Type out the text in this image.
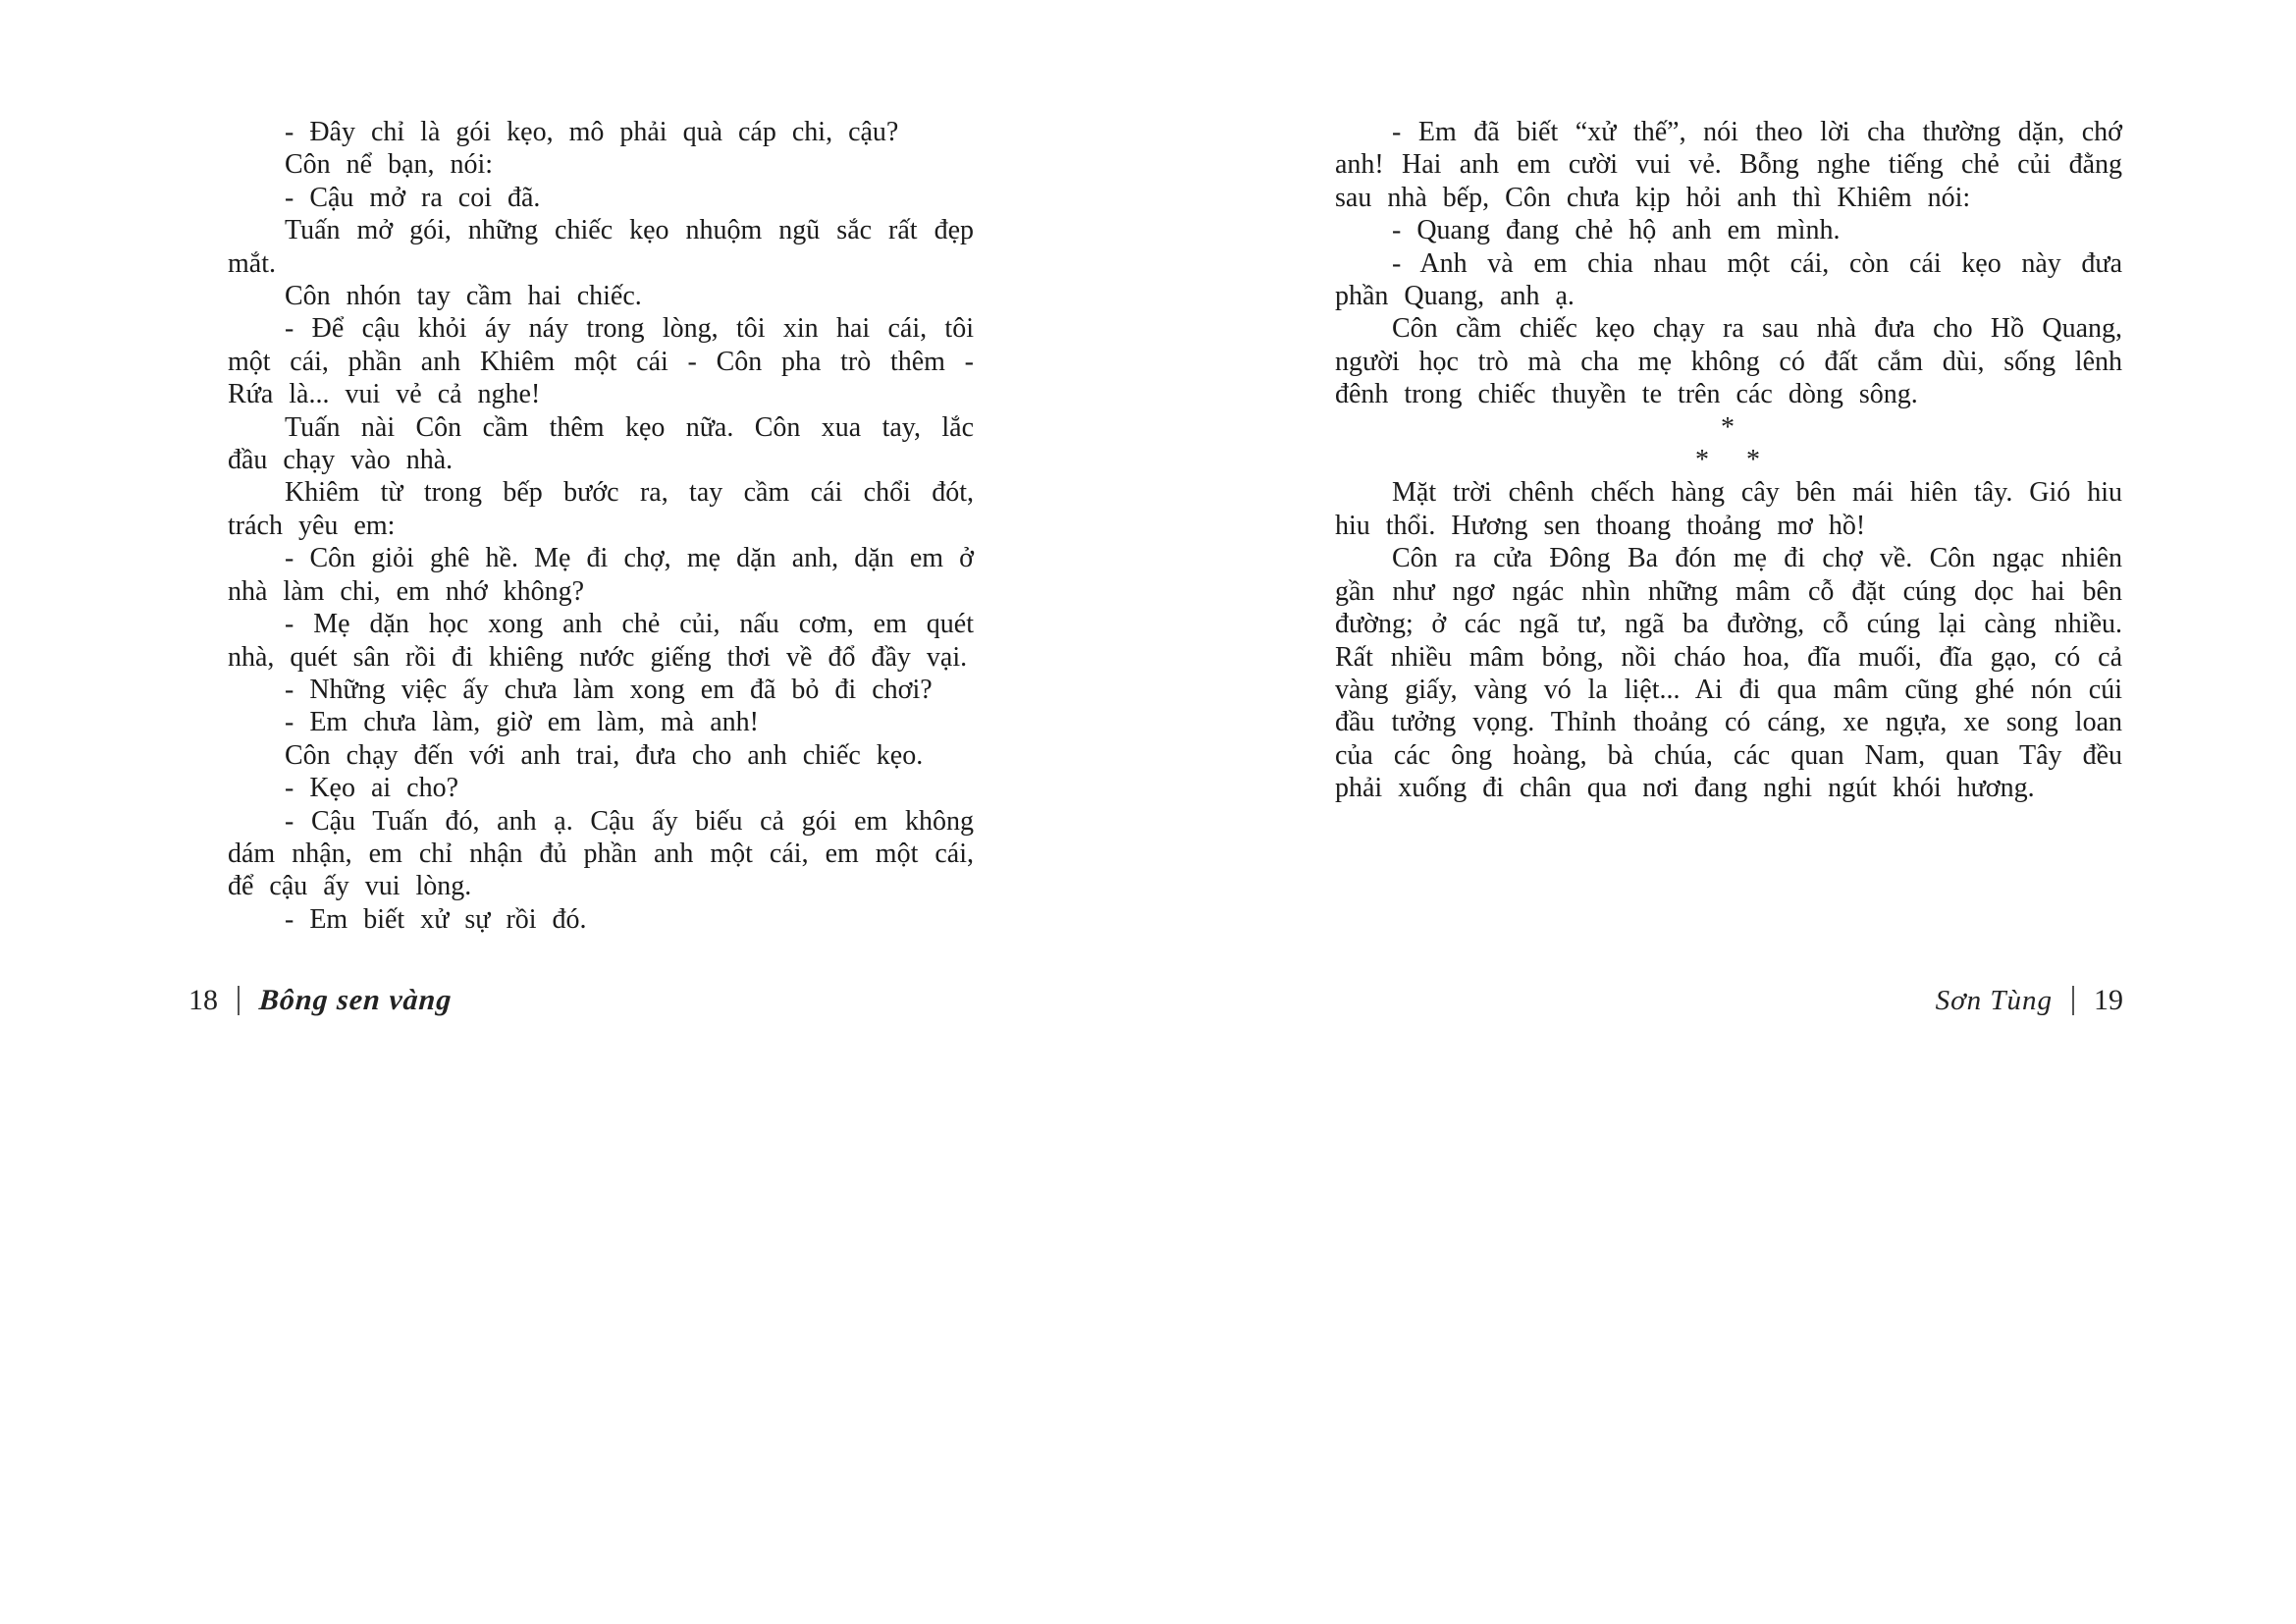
- Đây chỉ là gói kẹo, mô phải quà cáp chi, cậu?

Côn nể bạn, nói:

- Cậu mở ra coi đã.

Tuấn mở gói, những chiếc kẹo nhuộm ngũ sắc rất đẹp mắt.

Côn nhón tay cầm hai chiếc.

- Để cậu khỏi áy náy trong lòng, tôi xin hai cái, tôi một cái, phần anh Khiêm một cái - Côn pha trò thêm - Rứa là... vui vẻ cả nghe!

Tuấn nài Côn cầm thêm kẹo nữa. Côn xua tay, lắc đầu chạy vào nhà.

Khiêm từ trong bếp bước ra, tay cầm cái chổi đót, trách yêu em:

- Côn giỏi ghê hề. Mẹ đi chợ, mẹ dặn anh, dặn em ở nhà làm chi, em nhớ không?

- Mẹ dặn học xong anh chẻ củi, nấu cơm, em quét nhà, quét sân rồi đi khiêng nước giếng thơi về đổ đầy vại.

- Những việc ấy chưa làm xong em đã bỏ đi chơi?

- Em chưa làm, giờ em làm, mà anh!

Côn chạy đến với anh trai, đưa cho anh chiếc kẹo.

- Kẹo ai cho?

- Cậu Tuấn đó, anh ạ. Cậu ấy biếu cả gói em không dám nhận, em chỉ nhận đủ phần anh một cái, em một cái, để cậu ấy vui lòng.

- Em biết xử sự rồi đó.

18 Bông sen vàng

- Em đã biết “xử thế”, nói theo lời cha thường dặn, chớ anh! Hai anh em cười vui vẻ. Bỗng nghe tiếng chẻ củi đằng sau nhà bếp, Côn chưa kịp hỏi anh thì Khiêm nói:

- Quang đang chẻ hộ anh em mình.

- Anh và em chia nhau một cái, còn cái kẹo này đưa phần Quang, anh ạ.

Côn cầm chiếc kẹo chạy ra sau nhà đưa cho Hồ Quang, người học trò mà cha mẹ không có đất cắm dùi, sống lênh đênh trong chiếc thuyền te trên các dòng sông.

*
*    *

Mặt trời chênh chếch hàng cây bên mái hiên tây. Gió hiu hiu thổi. Hương sen thoang thoảng mơ hồ!

Côn ra cửa Đông Ba đón mẹ đi chợ về. Côn ngạc nhiên gần như ngơ ngác nhìn những mâm cỗ đặt cúng dọc hai bên đường; ở các ngã tư, ngã ba đường, cỗ cúng lại càng nhiều. Rất nhiều mâm bỏng, nồi cháo hoa, đĩa muối, đĩa gạo, có cả vàng giấy, vàng vó la liệt... Ai đi qua mâm cũng ghé nón cúi đầu tưởng vọng. Thỉnh thoảng có cáng, xe ngựa, xe song loan của các ông hoàng, bà chúa, các quan Nam, quan Tây đều phải xuống đi chân qua nơi đang nghi ngút khói hương.

Sơn Tùng 19
